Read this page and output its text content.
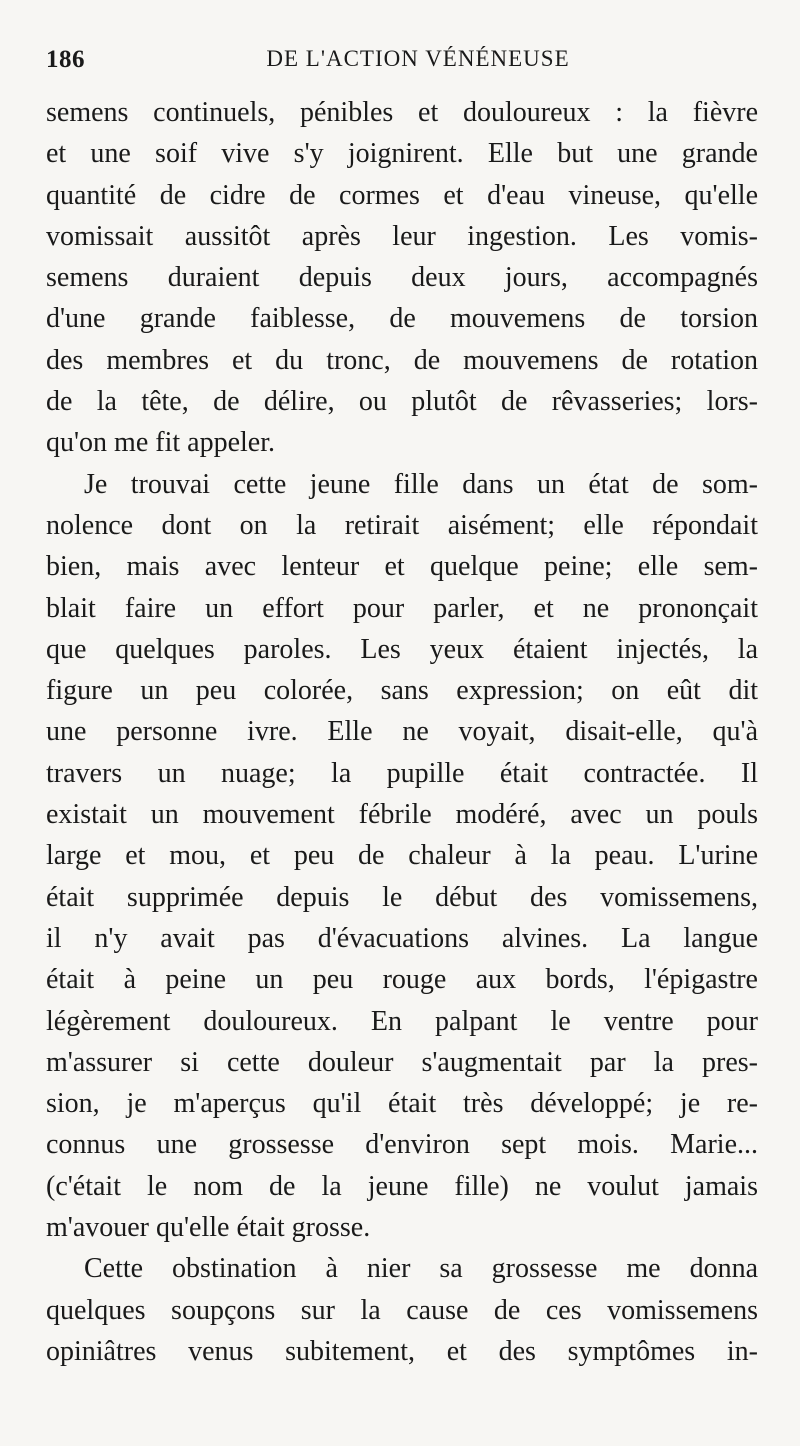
186	DE L'ACTION VÉNÉNEUSE
semens continuels, pénibles et douloureux : la fièvre
et une soif vive s'y joignirent. Elle but une grande
quantité de cidre de cormes et d'eau vineuse, qu'elle
vomissait aussitôt après leur ingestion. Les vomis-
semens duraient depuis deux jours, accompagnés
d'une grande faiblesse, de mouvemens de torsion
des membres et du tronc, de mouvemens de rotation
de la tête, de délire, ou plutôt de rêvasseries; lors-
qu'on me fit appeler.
Je trouvai cette jeune fille dans un état de som-
nolence dont on la retirait aisément; elle répondait
bien, mais avec lenteur et quelque peine; elle sem-
blait faire un effort pour parler, et ne prononçait
que quelques paroles. Les yeux étaient injectés, la
figure un peu colorée, sans expression; on eût dit
une personne ivre. Elle ne voyait, disait-elle, qu'à
travers un nuage; la pupille était contractée. Il
existait un mouvement fébrile modéré, avec un pouls
large et mou, et peu de chaleur à la peau. L'urine
était supprimée depuis le début des vomissemens,
il n'y avait pas d'évacuations alvines. La langue
était à peine un peu rouge aux bords, l'épigastre
légèrement douloureux. En palpant le ventre pour
m'assurer si cette douleur s'augmentait par la pres-
sion, je m'aperçus qu'il était très développé; je re-
connus une grossesse d'environ sept mois. Marie...
(c'était le nom de la jeune fille) ne voulut jamais
m'avouer qu'elle était grosse.
Cette obstination à nier sa grossesse me donna
quelques soupçons sur la cause de ces vomissemens
opiniâtres venus subitement, et des symptômes in-
